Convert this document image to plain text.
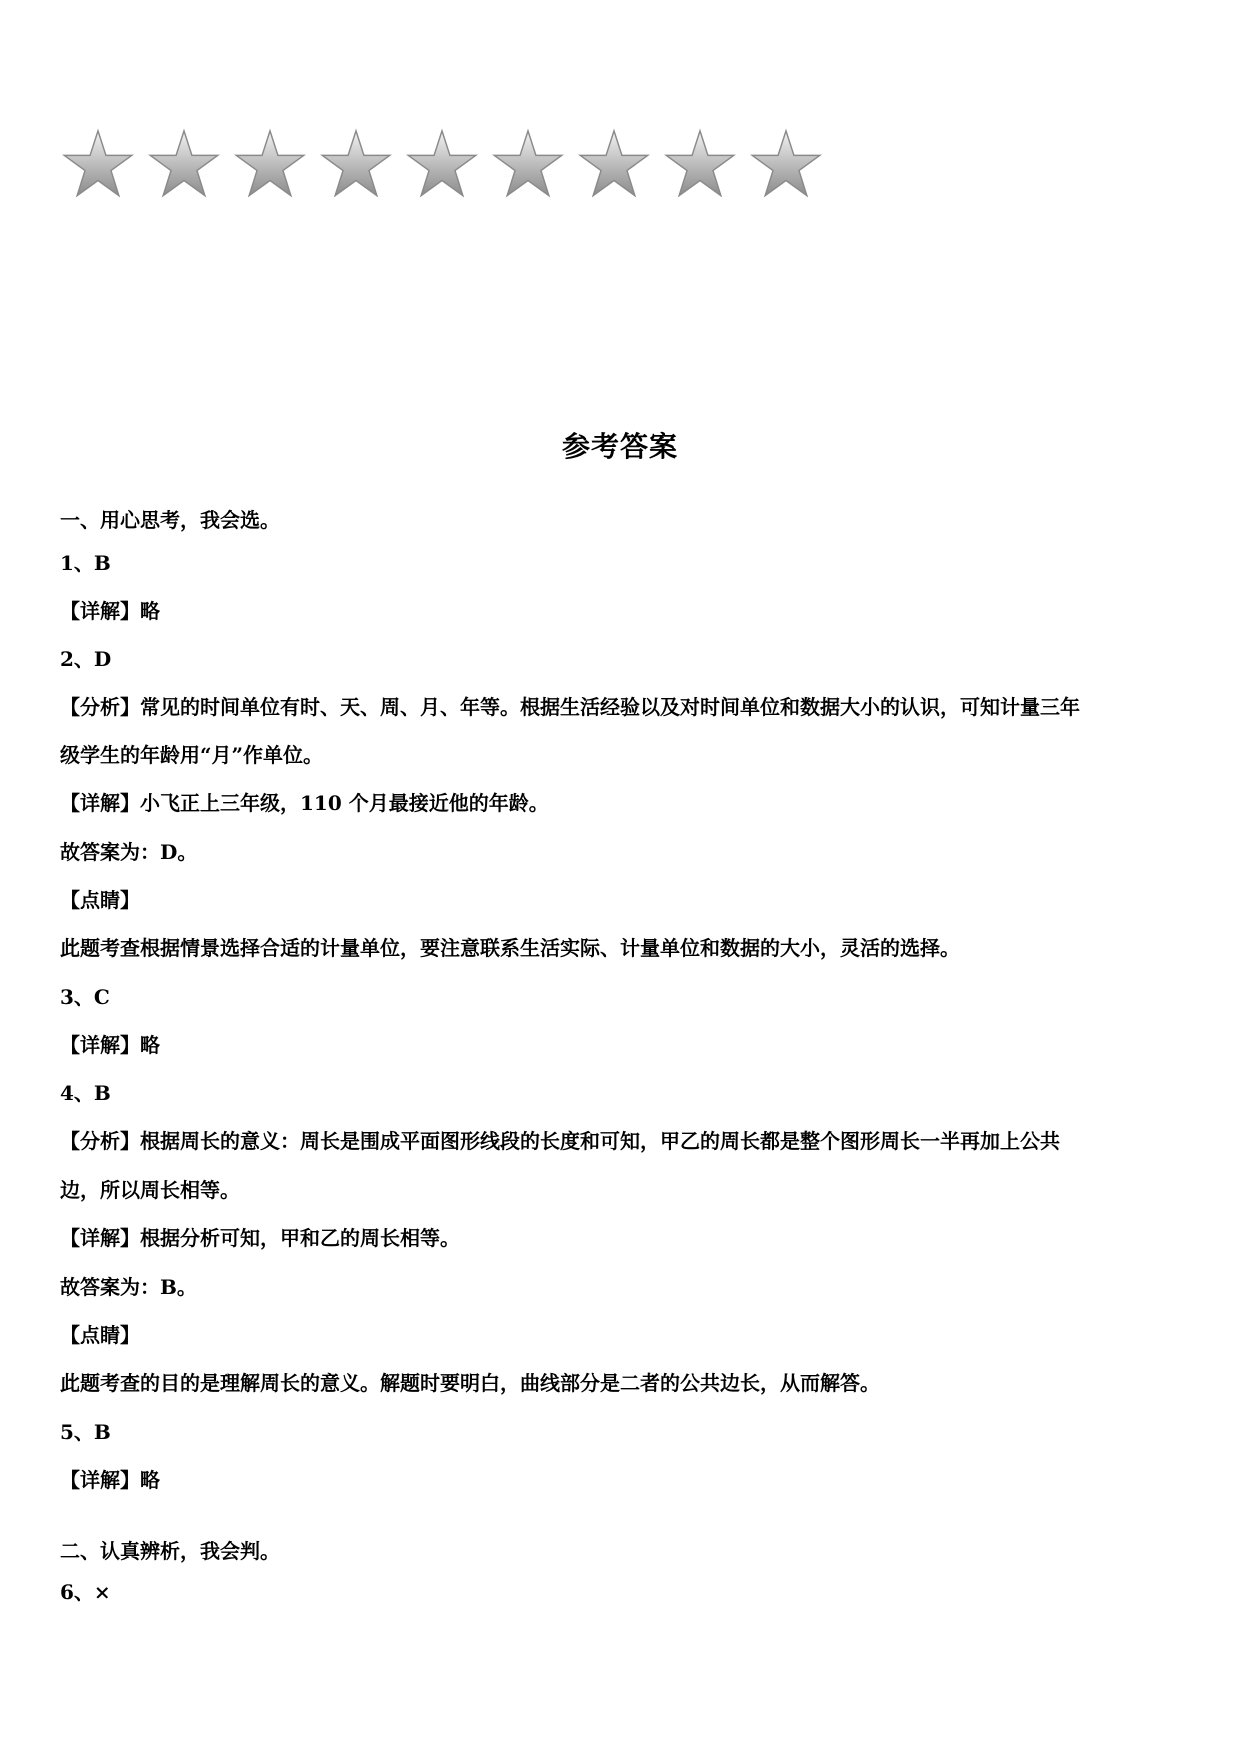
参考答案
一、用心思考，我会选。
1、B
【详解】略
2、D
【分析】常见的时间单位有时、天、周、月、年等。根据生活经验以及对时间单位和数据大小的认识，可知计量三年
级学生的年龄用“月”作单位。
【详解】小飞正上三年级，110 个月最接近他的年龄。
故答案为：D。
【点睛】
此题考查根据情景选择合适的计量单位，要注意联系生活实际、计量单位和数据的大小，灵活的选择。
3、C
【详解】略
4、B
【分析】根据周长的意义：周长是围成平面图形线段的长度和可知，甲乙的周长都是整个图形周长一半再加上公共
边，所以周长相等。
【详解】根据分析可知，甲和乙的周长相等。
故答案为：B。
【点睛】
此题考查的目的是理解周长的意义。解题时要明白，曲线部分是二者的公共边长，从而解答。
5、B
【详解】略
二、认真辨析，我会判。
6、×
